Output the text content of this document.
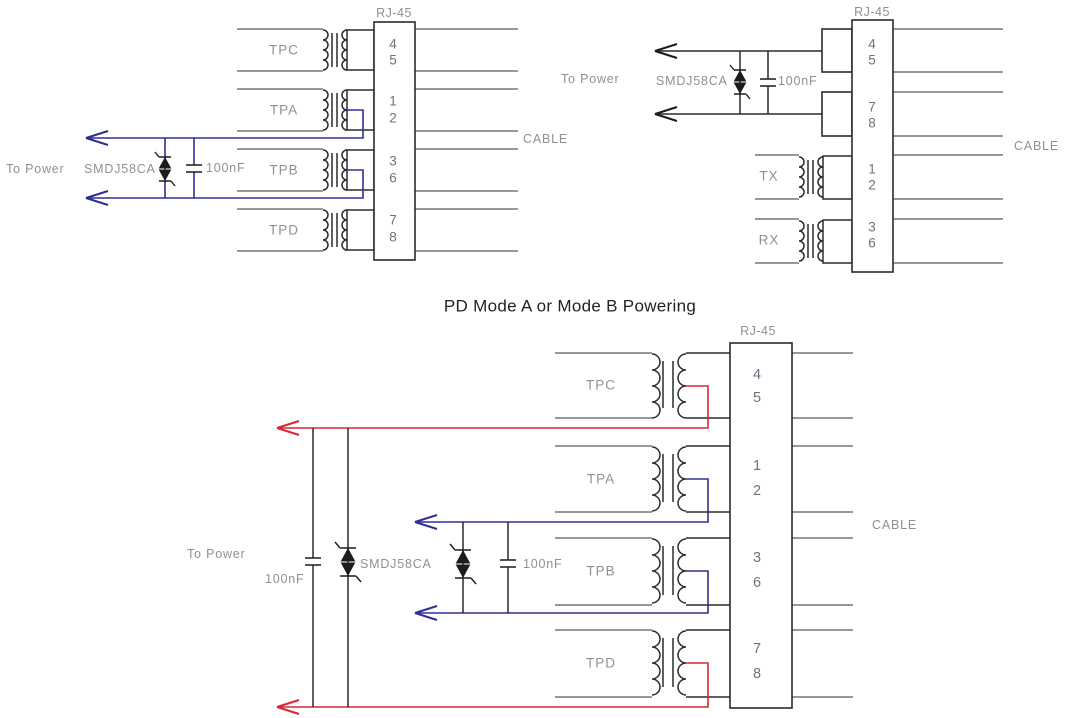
RJ-45
TPC
TPA
TPB
TPD
4
5
1
2
3
6
7
8
To Power SMDJ58CA	100nF
CABLE
RJ-45
4
5
7
8
1
2
3
6
TX
RX
To Power	SMDJ58CA	100nF
CABLE
PD Mode A or Mode B Powering
RJ-45
4
5
1
2
3
6
7
8
TPC
TPA
TPB
TPD
To Power
100nF
SMDJ58CA	100nF
CABLE
